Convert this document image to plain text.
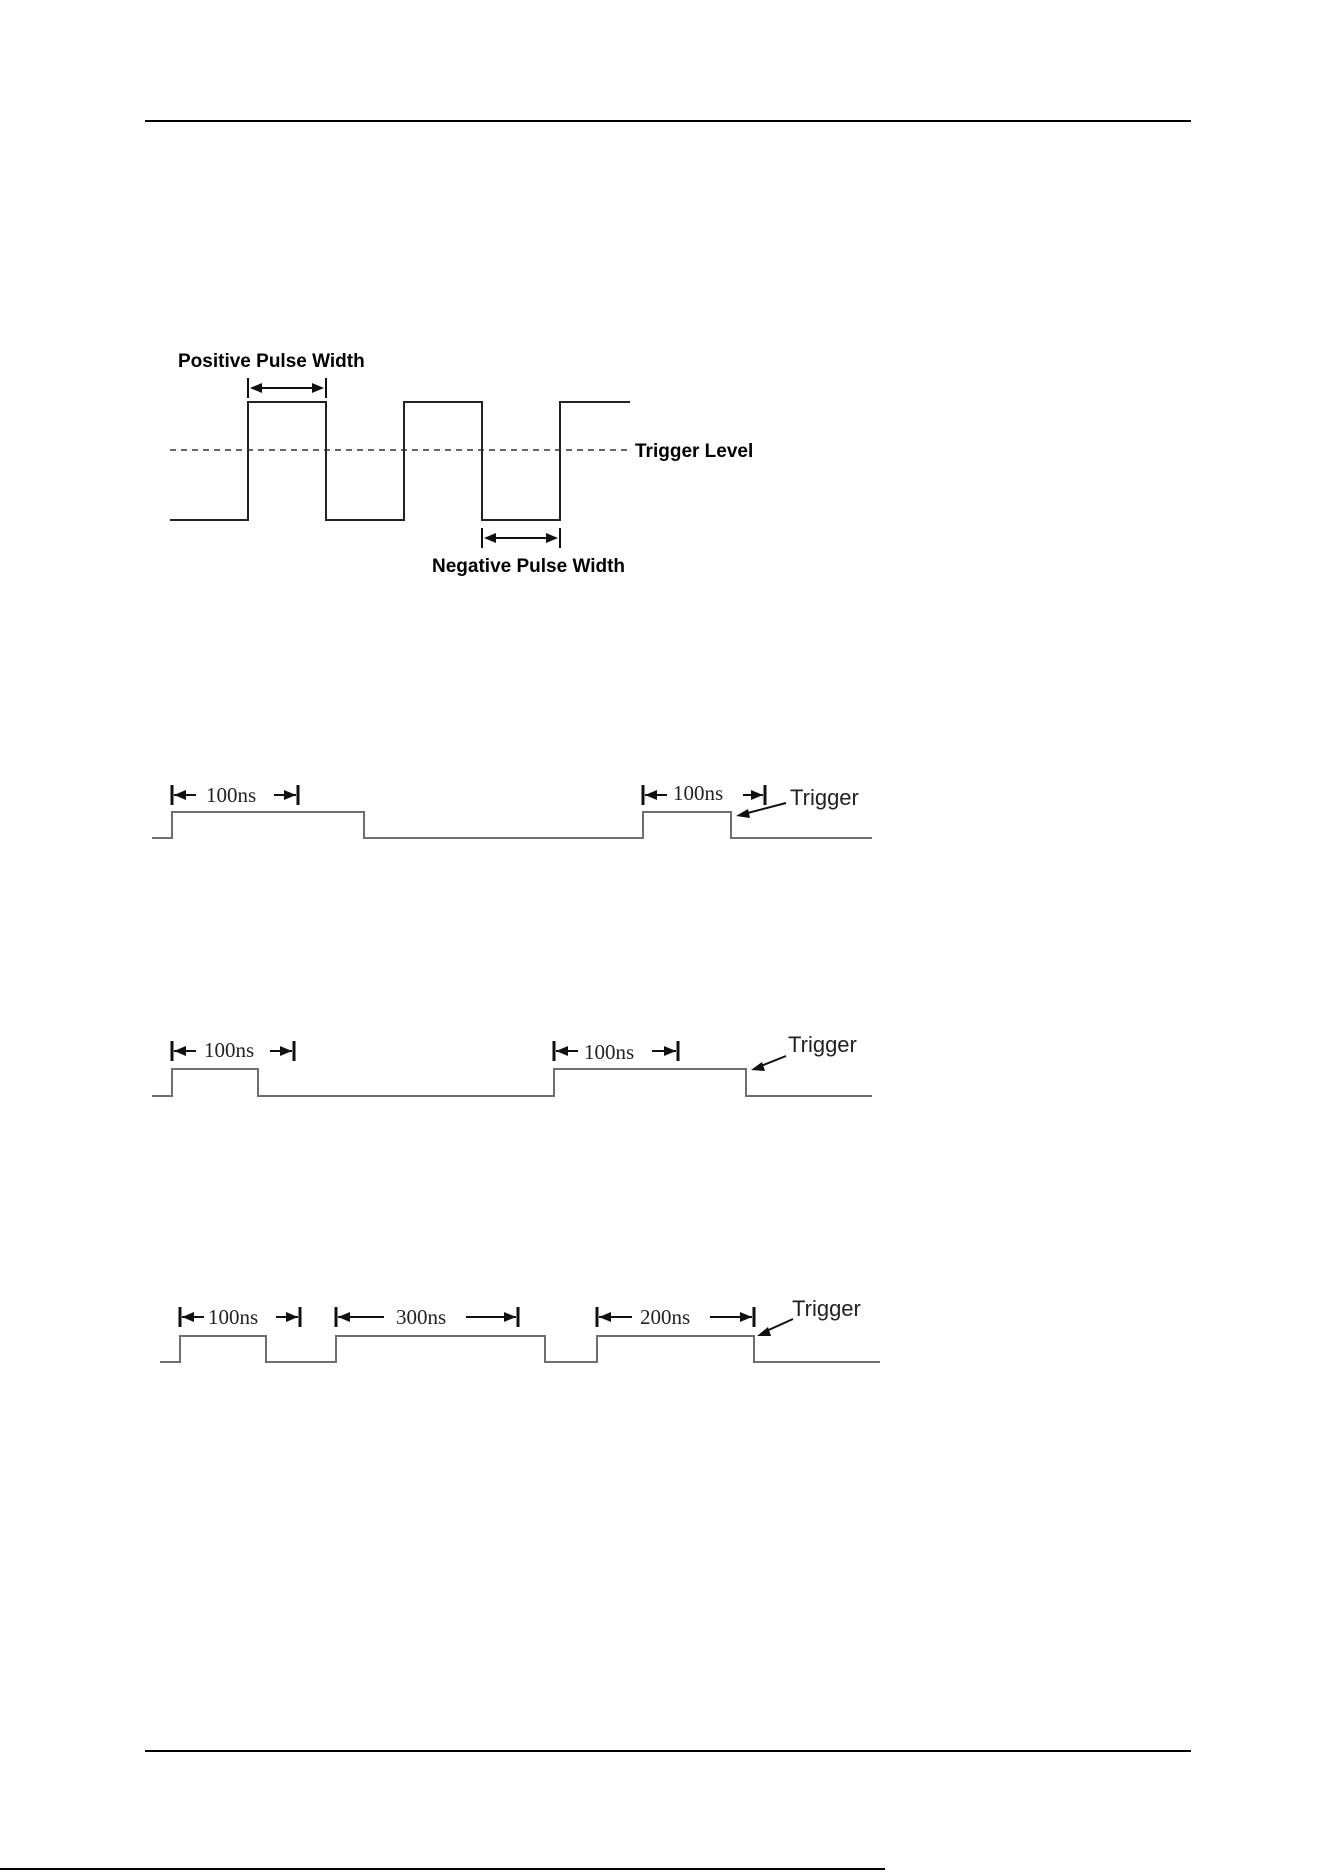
Positive Pulse Width
Trigger Level
Negative Pulse Width
100ns	100ns	Trigger
100ns	100ns	Trigger
100ns	300ns	200ns	Trigger
